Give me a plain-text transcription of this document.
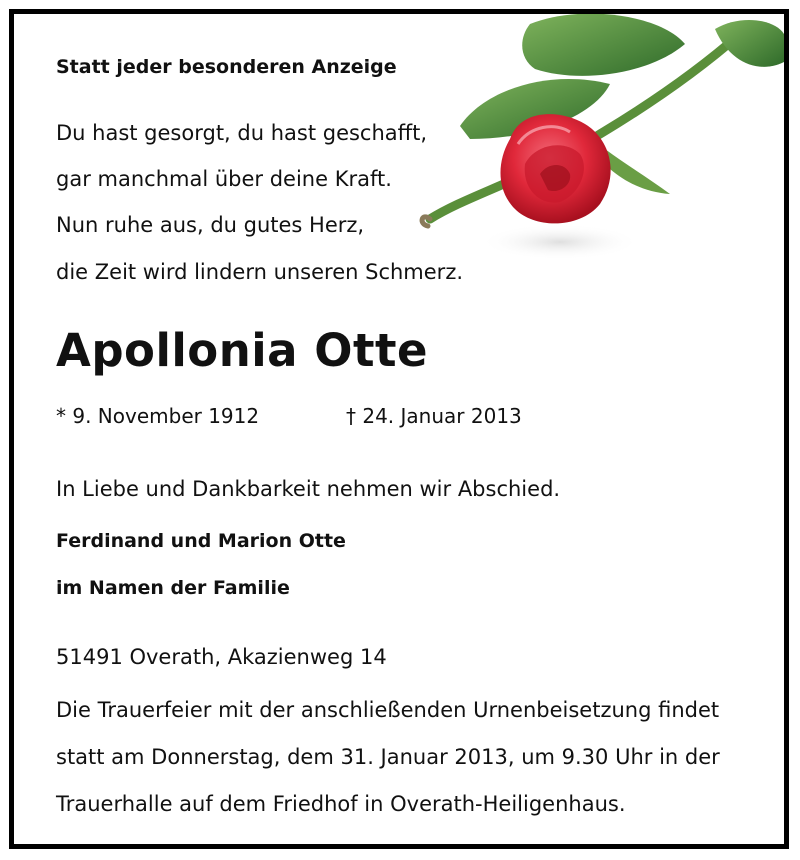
Statt jeder besonderen Anzeige
Du hast gesorgt, du hast geschafft,
gar manchmal über deine Kraft.
Nun ruhe aus, du gutes Herz,
die Zeit wird lindern unseren Schmerz.
Apollonia Otte
* 9. November 1912	† 24. Januar 2013
In Liebe und Dankbarkeit nehmen wir Abschied.
Ferdinand und Marion Otte
im Namen der Familie
51491 Overath, Akazienweg 14
Die Trauerfeier mit der anschließenden Urnenbeisetzung findet
statt am Donnerstag, dem 31. Januar 2013, um 9.30 Uhr in der
Trauerhalle auf dem Friedhof in Overath-Heiligenhaus.
